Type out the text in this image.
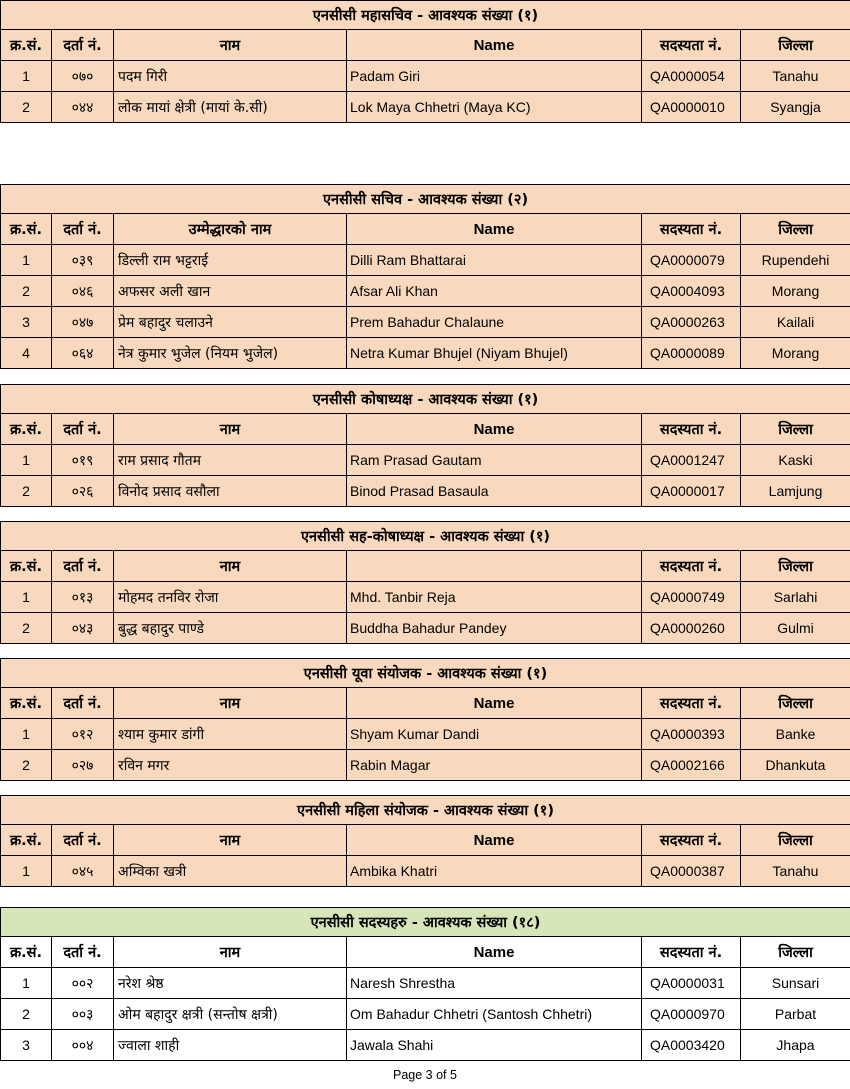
एनसीसी महासचिव - आवश्यक संख्या (१)					
क्र.सं.	दर्ता नं.	नाम	Name	सदस्यता नं.	जिल्ला
1	०७०	पदम गिरी	Padam Giri	QA0000054	Tanahu
2	०४४	लोक मायां क्षेत्री (मायां के.सी)	Lok Maya Chhetri (Maya KC)	QA0000010	Syangja
एनसीसी सचिव - आवश्यक संख्या (२)					
क्र.सं.	दर्ता नं.	उम्मेद्धारको नाम	Name	सदस्यता नं.	जिल्ला
1	०३९	डिल्ली राम भट्टराई	Dilli Ram Bhattarai	QA0000079	Rupendehi
2	०४६	अफसर अली खान	Afsar Ali Khan	QA0004093	Morang
3	०४७	प्रेम बहादुर चलाउने	Prem Bahadur Chalaune	QA0000263	Kailali
4	०६४	नेत्र कुमार भुजेल (नियम भुजेल)	Netra Kumar Bhujel (Niyam Bhujel)	QA0000089	Morang
एनसीसी कोषाध्यक्ष - आवश्यक संख्या (१)					
क्र.सं.	दर्ता नं.	नाम	Name	सदस्यता नं.	जिल्ला
1	०१९	राम प्रसाद गौतम	Ram Prasad Gautam	QA0001247	Kaski
2	०२६	विनोद प्रसाद वसौला	Binod Prasad Basaula	QA0000017	Lamjung
एनसीसी सह-कोषाध्यक्ष - आवश्यक संख्या (१)					
क्र.सं.	दर्ता नं.	नाम		सदस्यता नं.	जिल्ला
1	०१३	मोहमद तनविर रोजा	Mhd. Tanbir Reja	QA0000749	Sarlahi
2	०४३	बुद्ध बहादुर पाण्डे	Buddha Bahadur Pandey	QA0000260	Gulmi
एनसीसी यूवा संयोजक - आवश्यक संख्या (१)					
क्र.सं.	दर्ता नं.	नाम	Name	सदस्यता नं.	जिल्ला
1	०१२	श्याम कुमार डांगी	Shyam Kumar Dandi	QA0000393	Banke
2	०२७	रविन मगर	Rabin Magar	QA0002166	Dhankuta
एनसीसी महिला संयोजक - आवश्यक संख्या (१)					
क्र.सं.	दर्ता नं.	नाम	Name	सदस्यता नं.	जिल्ला
1	०४५	अम्विका खत्री	Ambika Khatri	QA0000387	Tanahu
एनसीसी सदस्यहरु - आवश्यक संख्या (१८)					
क्र.सं.	दर्ता नं.	नाम	Name	सदस्यता नं.	जिल्ला
1	००२	नरेश श्रेष्ठ	Naresh Shrestha	QA0000031	Sunsari
2	००३	ओम बहादुर क्षत्री (सन्तोष क्षत्री)	Om Bahadur Chhetri (Santosh Chhetri)	QA0000970	Parbat
3	००४	ज्वाला शाही	Jawala Shahi	QA0003420	Jhapa
Page 3 of 5
